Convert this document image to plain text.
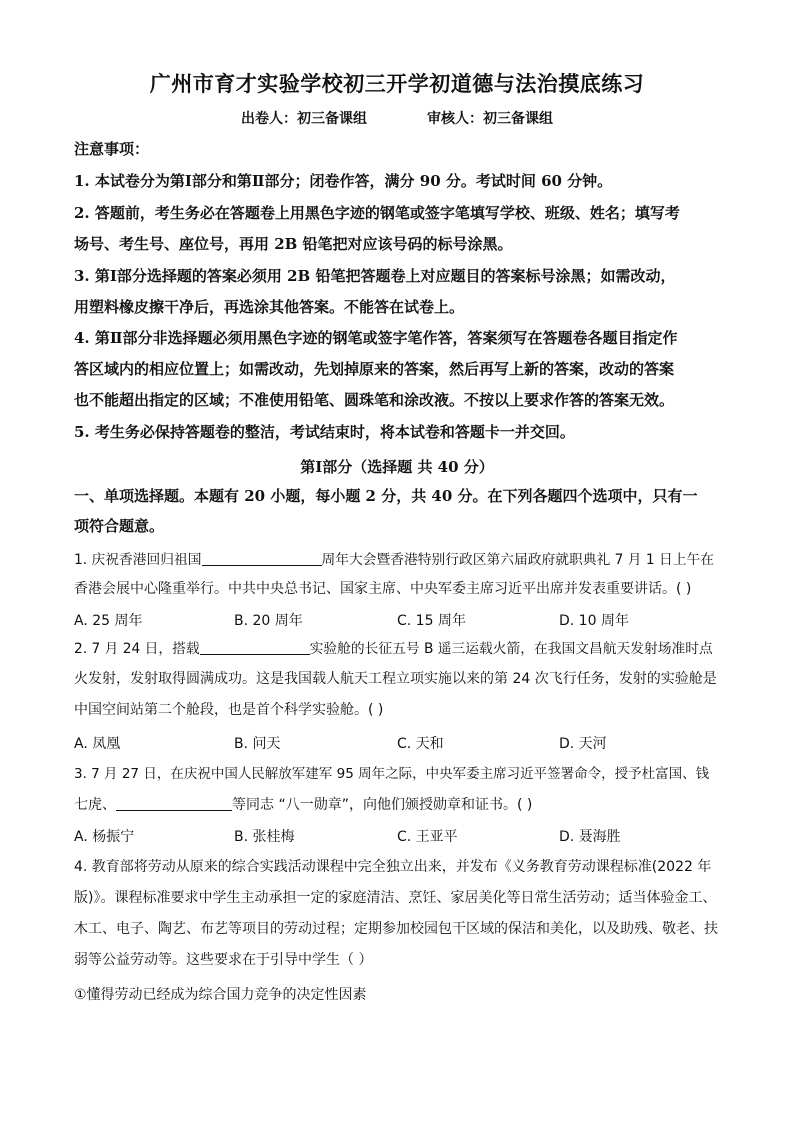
广州市育才实验学校初三开学初道德与法治摸底练习
出卷人：初三备课组	审核人：初三备课组
注意事项：
1. 本试卷分为第Ⅰ部分和第Ⅱ部分；闭卷作答，满分 90 分。考试时间 60 分钟。
2. 答题前，考生务必在答题卷上用黑色字迹的钢笔或签字笔填写学校、班级、姓名；填写考
场号、考生号、座位号，再用 2B 铅笔把对应该号码的标号涂黑。
3. 第Ⅰ部分选择题的答案必须用 2B 铅笔把答题卷上对应题目的答案标号涂黑；如需改动，
用塑料橡皮擦干净后，再选涂其他答案。不能答在试卷上。
4. 第Ⅱ部分非选择题必须用黑色字迹的钢笔或签字笔作答，答案须写在答题卷各题目指定作
答区域内的相应位置上；如需改动，先划掉原来的答案，然后再写上新的答案，改动的答案
也不能超出指定的区域；不准使用铅笔、圆珠笔和涂改液。不按以上要求作答的答案无效。
5. 考生务必保持答题卷的整洁，考试结束时，将本试卷和答题卡一并交回。
第Ⅰ部分（选择题 共 40 分）
一、单项选择题。本题有 20 小题，每小题 2 分，共 40 分。在下列各题四个选项中，只有一
项符合题意。
1. 庆祝香港回归祖国	周年大会暨香港特别行政区第六届政府就职典礼 7 月 1 日上午在
香港会展中心隆重举行。中共中央总书记、国家主席、中央军委主席习近平出席并发表重要讲话。( )
A. 25 周年	B. 20 周年	C. 15 周年	D. 10 周年
2. 7 月 24 日，搭载	实验舱的长征五号 B 遥三运载火箭，在我国文昌航天发射场准时点
火发射，发射取得圆满成功。这是我国载人航天工程立项实施以来的第 24 次飞行任务，发射的实验舱是
中国空间站第二个舱段，也是首个科学实验舱。( )
A. 凤凰	B. 问天	C. 天和	D. 天河
3. 7 月 27 日，在庆祝中国人民解放军建军 95 周年之际，中央军委主席习近平签署命令，授予杜富国、钱
七虎、	等同志 “八一勋章”，向他们颁授勋章和证书。( )
A. 杨振宁	B. 张桂梅	C. 王亚平	D. 聂海胜
4. 教育部将劳动从原来的综合实践活动课程中完全独立出来，并发布《义务教育劳动课程标准(2022 年
版)》。课程标准要求中学生主动承担一定的家庭清洁、烹饪、家居美化等日常生活劳动；适当体验金工、
木工、电子、陶艺、布艺等项目的劳动过程；定期参加校园包干区域的保洁和美化，以及助残、敬老、扶
弱等公益劳动等。这些要求在于引导中学生（ ）
①懂得劳动已经成为综合国力竞争的决定性因素
